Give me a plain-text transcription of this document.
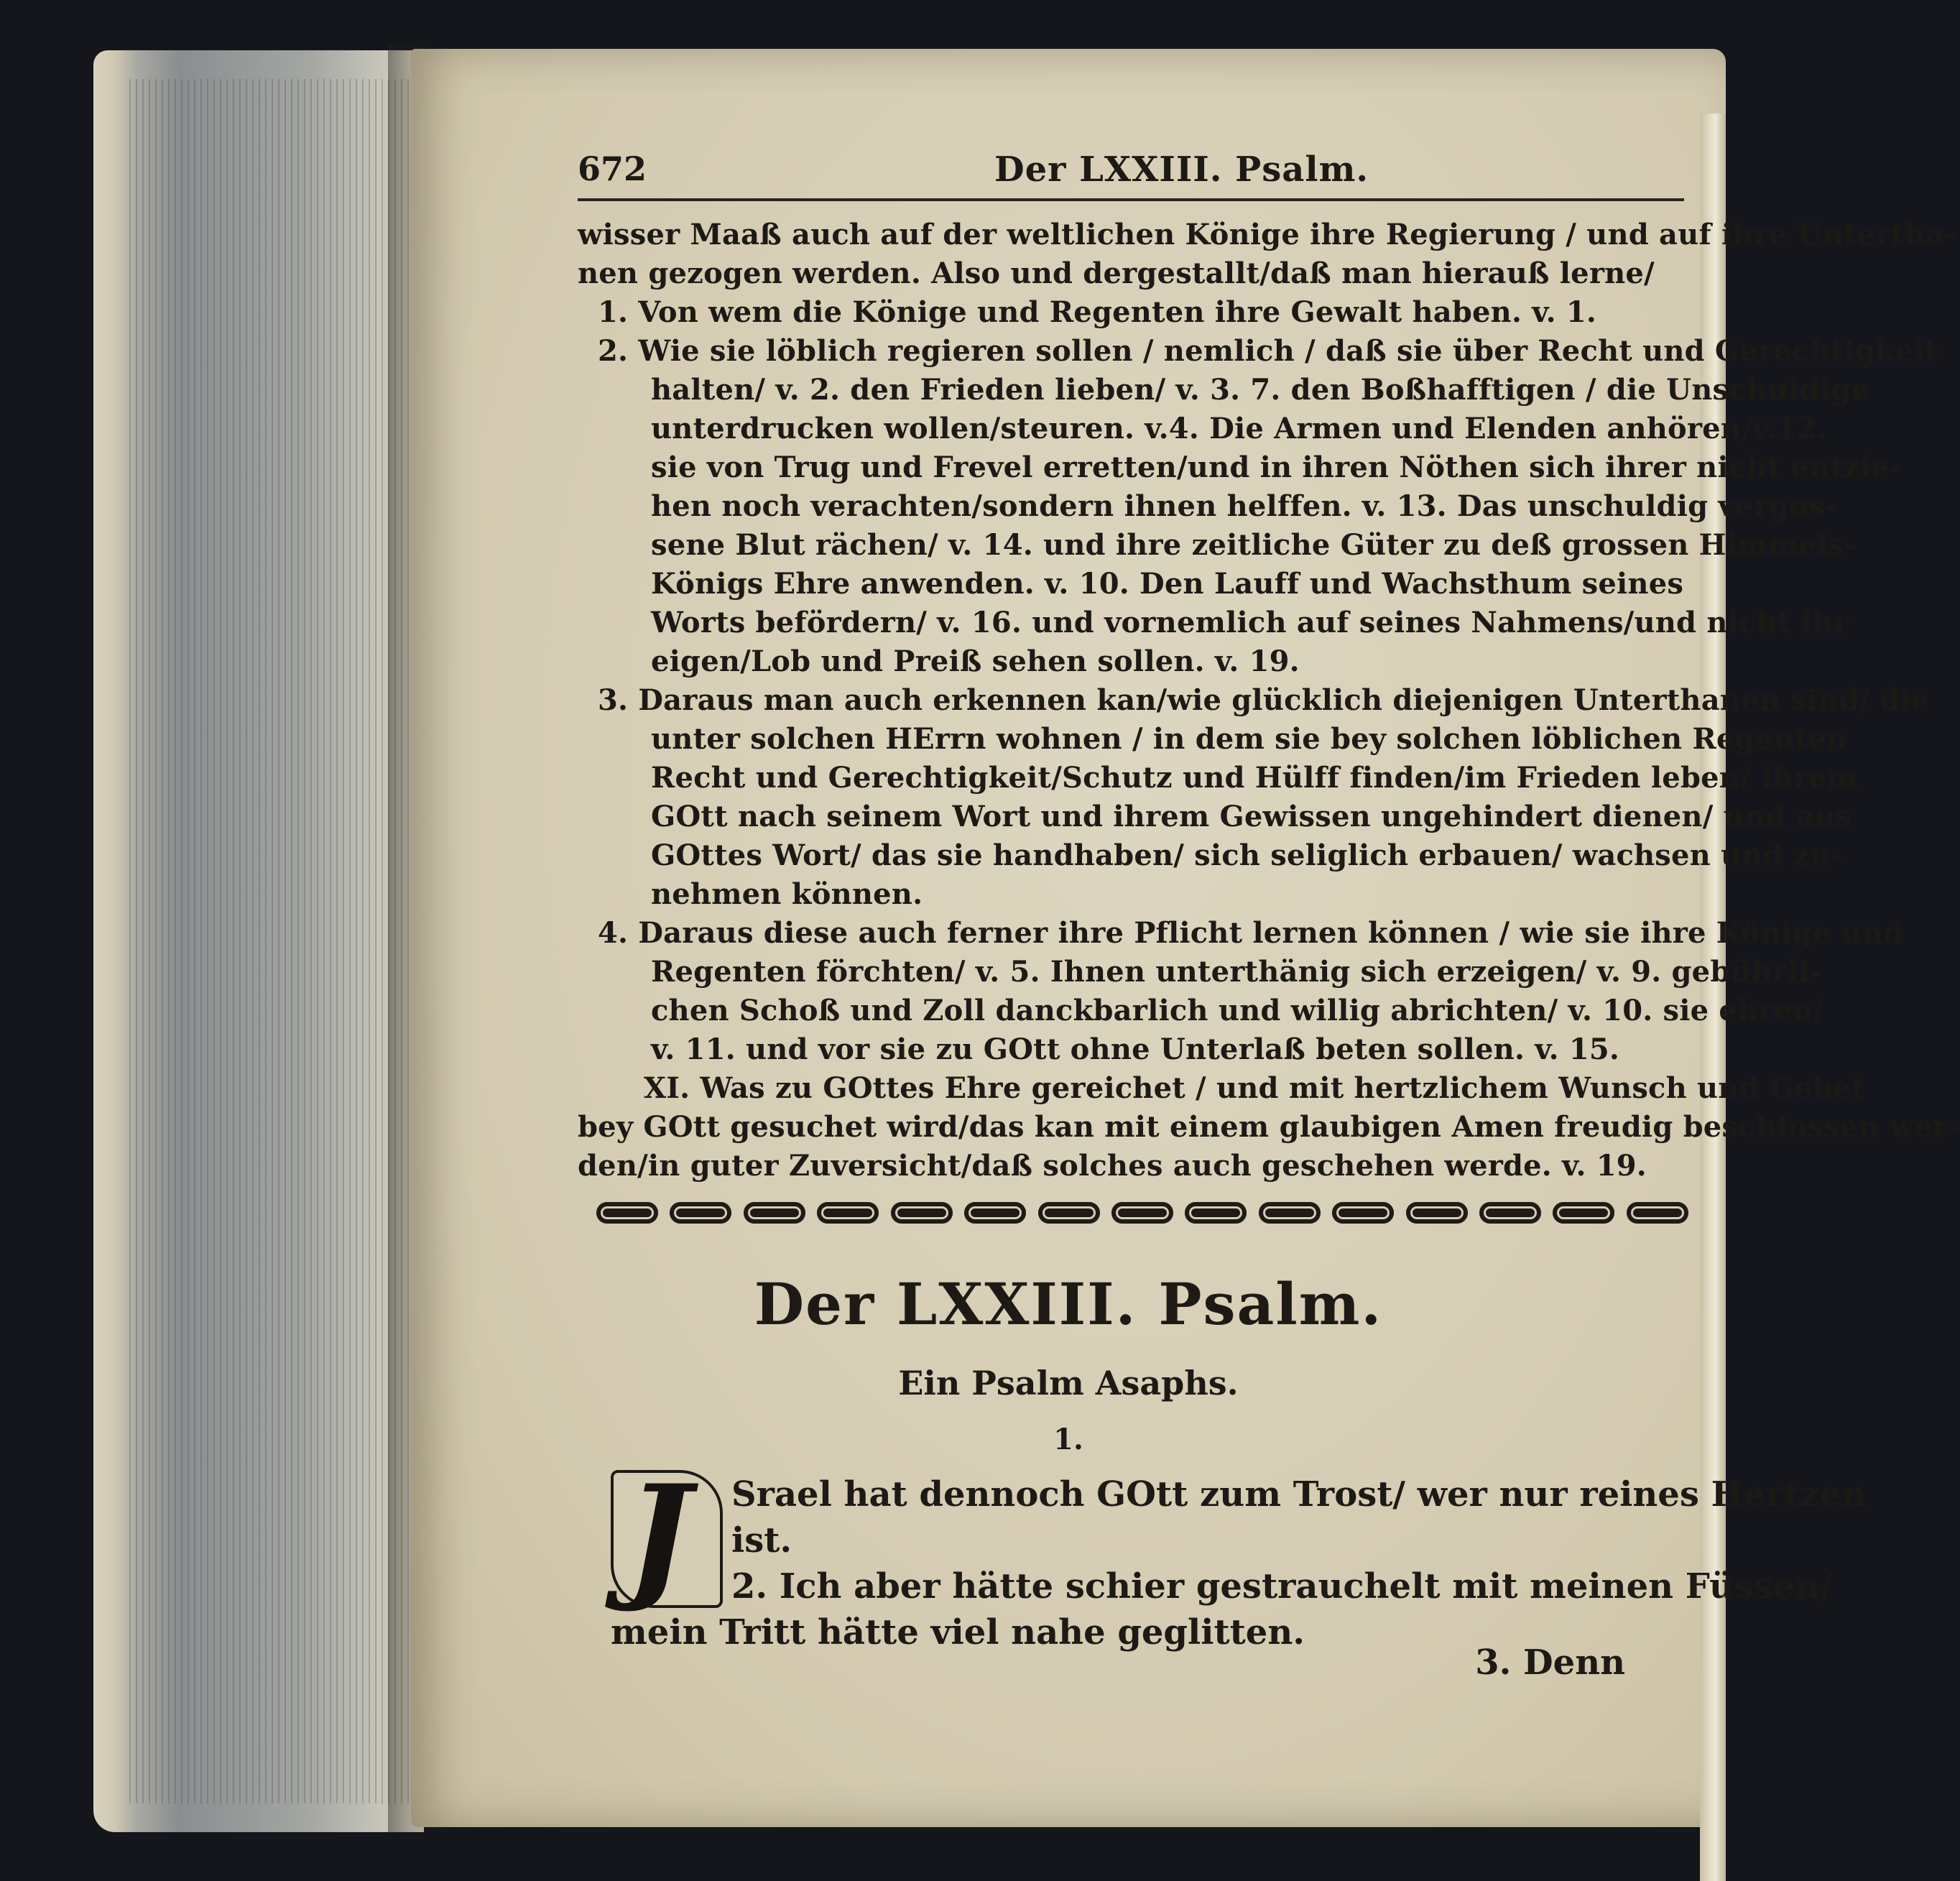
672	Der LXXIII. Psalm.
wisser Maaß auch auf der weltlichen Könige ihre Regierung / und auf ihre Untertha-
nen gezogen werden. Also und dergestallt/daß man hierauß lerne/
1. Von wem die Könige und Regenten ihre Gewalt haben. v. 1.
2. Wie sie löblich regieren sollen / nemlich / daß sie über Recht und Gerechtigkeit
halten/ v. 2. den Frieden lieben/ v. 3. 7. den Boßhafftigen / die Unschuldige
unterdrucken wollen/steuren. v.4. Die Armen und Elenden anhören/v.12.
sie von Trug und Frevel erretten/und in ihren Nöthen sich ihrer nicht entzie-
hen noch verachten/sondern ihnen helffen. v. 13. Das unschuldig vergos-
sene Blut rächen/ v. 14. und ihre zeitliche Güter zu deß grossen Himmels-
Königs Ehre anwenden. v. 10. Den Lauff und Wachsthum seines
Worts befördern/ v. 16. und vornemlich auf seines Nahmens/und nicht ihr
eigen/Lob und Preiß sehen sollen. v. 19.
3. Daraus man auch erkennen kan/wie glücklich diejenigen Unterthanen sind/ die
unter solchen HErrn wohnen / in dem sie bey solchen löblichen Regenten
Recht und Gerechtigkeit/Schutz und Hülff finden/im Frieden leben/ ihrem
GOtt nach seinem Wort und ihrem Gewissen ungehindert dienen/ und aus
GOttes Wort/ das sie handhaben/ sich seliglich erbauen/ wachsen und zu-
nehmen können.
4. Daraus diese auch ferner ihre Pflicht lernen können / wie sie ihre Könige und
Regenten förchten/ v. 5. Ihnen unterthänig sich erzeigen/ v. 9. gebührli-
chen Schoß und Zoll danckbarlich und willig abrichten/ v. 10. sie ehren/
v. 11. und vor sie zu GOtt ohne Unterlaß beten sollen. v. 15.
XI. Was zu GOttes Ehre gereichet / und mit hertzlichem Wunsch und Gebet
bey GOtt gesuchet wird/das kan mit einem glaubigen Amen freudig beschlossen wer-
den/in guter Zuversicht/daß solches auch geschehen werde. v. 19.
Der LXXIII. Psalm.
Ein Psalm Asaphs.
1.
J Srael hat dennoch GOtt zum Trost/ wer nur reines Hertzen
ist.
2. Ich aber hätte schier gestrauchelt mit meinen Füssen/
mein Tritt hätte viel nahe geglitten.
3. Denn
